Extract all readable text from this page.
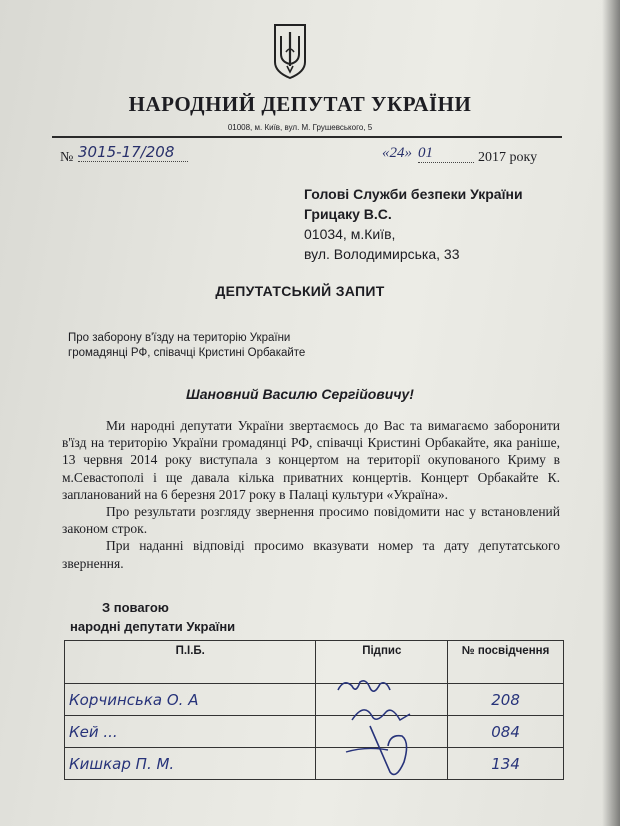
НАРОДНИЙ ДЕПУТАТ УКРАЇНИ
01008, м. Київ, вул. М. Грушевського, 5
№ 3015-17/208	«24» 01	2017 року
Голові Служби безпеки України
Грицаку В.С.
01034, м.Київ,
вул. Володимирська, 33
ДЕПУТАТСЬКИЙ ЗАПИТ
Про заборону в'їзду на територію України
громадянці РФ, співачці Кристині Орбакайте
Шановний Василю Сергійовичу!

Ми народні депутати України звертаємось до Вас та вимагаємо заборонити в'їзд на територію України громадянці РФ, співачці Кристині Орбакайте, яка раніше, 13 червня 2014 року виступала з концертом на території окупованого Криму в м.Севастополі і ще давала кілька приватних концертів. Концерт Орбакайте К. запланований на 6 березня 2017 року в Палаці культури «Україна».

Про результати розгляду звернення просимо повідомити нас у встановлений законом строк.

При наданні відповіді просимо вказувати номер та дату депутатського звернення.

З повагою
народні депутати України
П.І.Б.	Підпис	№ посвідчення
Корчинська О. А		208
Кей ...		084
Кишкар П. М.		134
